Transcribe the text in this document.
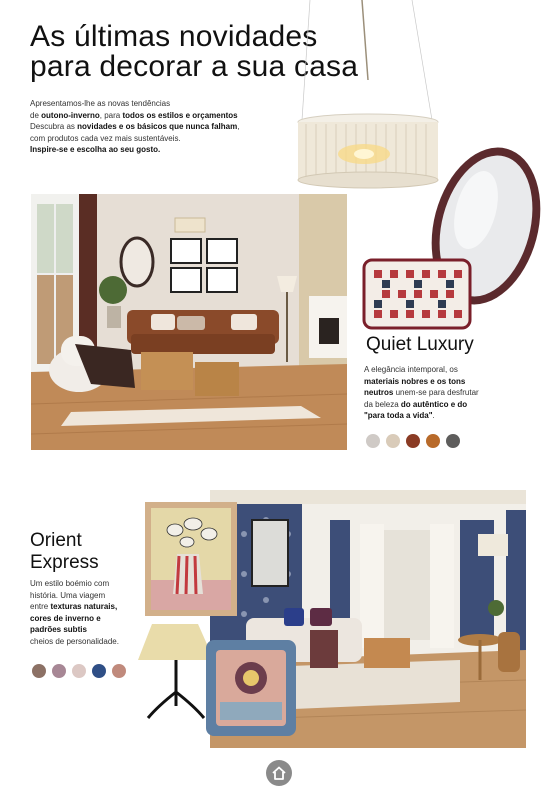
As últimas novidades
para decorar a sua casa
Apresentamos-lhe as novas tendências
de outono-inverno, para todos os estilos e orçamentos
Descubra as novidades e os básicos que nunca falham,
com produtos cada vez mais sustentáveis.
Inspire-se e escolha ao seu gosto.
Quiet Luxury
A elegância intemporal, os
materiais nobres e os tons
neutros unem-se para desfrutar
da beleza do autêntico e do
"para toda a vida".
Orient
Express
Um estilo boémio com
história. Uma viagem
entre texturas naturais,
cores de inverno e
padrões subtis
cheios de personalidade.
